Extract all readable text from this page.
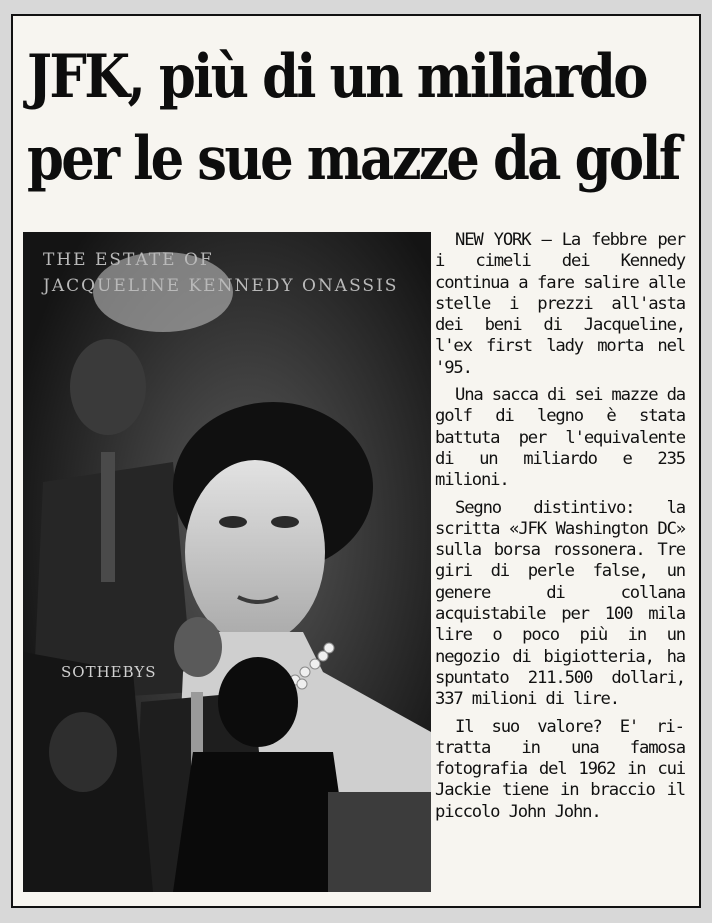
JFK, più di un miliardo
per le sue mazze da golf
THE ESTATE OF
JACQUELINE KENNEDY ONASSIS
SOTHEBYS

NEW YORK — La febbre per i cimeli dei Kennedy continua a fare salire alle stelle i prezzi all'asta dei beni di Jacqueline, l'ex first lady morta nel '95.

Una sacca di sei mazze da golf di legno è stata battuta per l'equivalente di un miliardo e 235 milioni.

Segno distintivo: la scritta «JFK Washington DC» sulla borsa rossonera. Tre giri di perle false, un genere di collana acquistabile per 100 mila lire o poco più in un negozio di bigiotteria, ha spuntato 211.500 dollari, 337 milioni di lire.

Il suo valore? E' ritratta in una famosa fotografia del 1962 in cui Jackie tiene in braccio il piccolo John John.
